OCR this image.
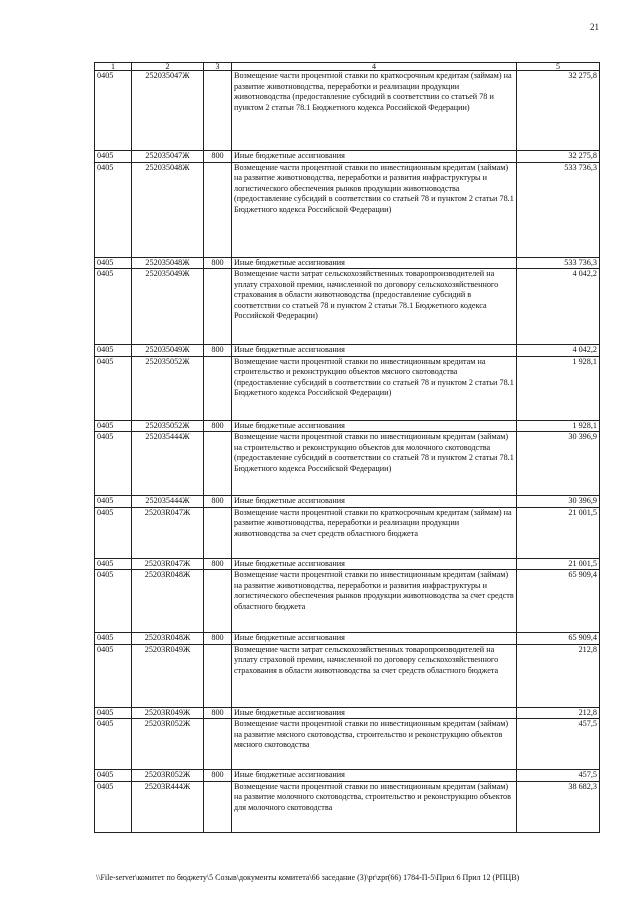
21
1	2	3	4	5
0405	252035047Ж		Возмещение части процентной ставки по краткосрочным кредитам (займам) на развитие животноводства, переработки и реализации продукции животноводства (предоставление субсидий в соответствии со статьей 78 и пунктом 2 статьи 78.1 Бюджетного кодекса Российской Федерации)	32 275,8
0405	252035047Ж	800	Иные бюджетные ассигнования	32 275,8
0405	252035048Ж		Возмещение части процентной ставки по инвестиционным кредитам (займам) на развитие животноводства, переработки и развития инфраструктуры и логистического обеспечения рынков продукции животноводства (предоставление субсидий в соответствии со статьей 78 и пунктом 2 статьи 78.1 Бюджетного кодекса Российской Федерации)	533 736,3
0405	252035048Ж	800	Иные бюджетные ассигнования	533 736,3
0405	252035049Ж		Возмещение части затрат сельскохозяйственных товаропроизводителей на уплату страховой премии, начисленной по договору сельскохозяйственного страхования в области животноводства (предоставление субсидий в соответствии со статьей 78 и пунктом 2 статьи 78.1 Бюджетного кодекса Российской Федерации)	4 042,2
0405	252035049Ж	800	Иные бюджетные ассигнования	4 042,2
0405	252035052Ж		Возмещение части процентной ставки по инвестиционным кредитам на строительство и реконструкцию объектов мясного скотоводства (предоставление субсидий в соответствии со статьей 78 и пунктом 2 статьи 78.1 Бюджетного кодекса Российской Федерации)	1 928,1
0405	252035052Ж	800	Иные бюджетные ассигнования	1 928,1
0405	252035444Ж		Возмещение части процентной ставки по инвестиционным кредитам (займам) на строительство и реконструкцию объектов для молочного скотоводства (предоставление субсидий в соответствии со статьей 78 и пунктом 2 статьи 78.1 Бюджетного кодекса Российской Федерации)	30 396,9
0405	252035444Ж	800	Иные бюджетные ассигнования	30 396,9
0405	25203R047Ж		Возмещение части процентной ставки по краткосрочным кредитам (займам) на развитие животноводства, переработки и реализации продукции животноводства за счет средств областного бюджета	21 001,5
0405	25203R047Ж	800	Иные бюджетные ассигнования	21 001,5
0405	25203R048Ж		Возмещение части процентной ставки по инвестиционным кредитам (займам) на развитие животноводства, переработки и развития инфраструктуры и логистического обеспечения рынков продукции животноводства за счет средств областного бюджета	65 909,4
0405	25203R048Ж	800	Иные бюджетные ассигнования	65 909,4
0405	25203R049Ж		Возмещение части затрат сельскохозяйственных товаропроизводителей на уплату страховой премии, начисленной по договору сельскохозяйственного страхования в области животноводства за счет средств областного бюджета	212,8
0405	25203R049Ж	800	Иные бюджетные ассигнования	212,8
0405	25203R052Ж		Возмещение части процентной ставки по инвестиционным кредитам (займам) на развитие мясного скотоводства, строительство и реконструкцию объектов мясного скотоводства	457,5
0405	25203R052Ж	800	Иные бюджетные ассигнования	457,5
0405	25203R444Ж		Возмещение части процентной ставки по инвестиционным кредитам (займам) на развитие молочного скотоводства, строительство и реконструкцию объектов для молочного скотоводства	38 682,3
\\File-server\комитет по бюджету\5 Созыв\документы комитета\66 заседание (3)\pr\zpr(66) 1784-П-5\Прил 6 Прил 12 (РПЦВ)
